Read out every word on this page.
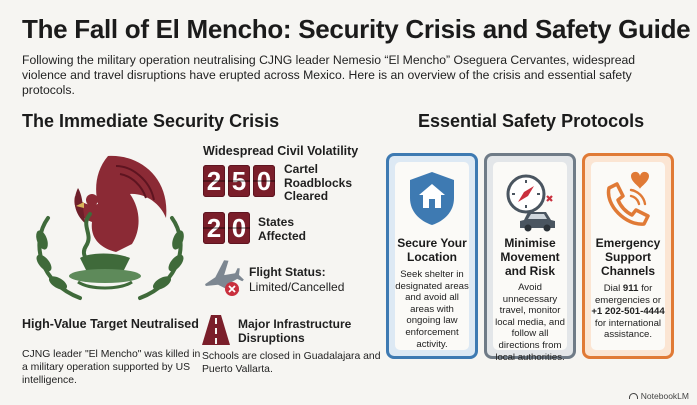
The Fall of El Mencho: Security Crisis and Safety Guide
Following the military operation neutralising CJNG leader Nemesio “El Mencho” Oseguera Cervantes, widespread violence and travel disruptions have erupted across Mexico. Here is an overview of the crisis and essential safety protocols.
The Immediate Security Crisis	Essential Safety Protocols
High-Value Target Neutralised
CJNG leader "El Mencho" was killed in a military operation supported by US intelligence.
Widespread Civil Volatility
2 5 0	Cartel Roadblocks Cleared
2 0 States Affected
Flight Status:
Limited/Cancelled
Major Infrastructure Disruptions
Schools are closed in Guadalajara and Puerto Vallarta.
Secure Your Location
Seek shelter in designated areas and avoid all areas with ongoing law enforcement activity.
Minimise Movement and Risk
Avoid unnecessary travel, monitor local media, and follow all directions from local authorities.
Emergency Support Channels
Dial 911 for emergencies or +1 202-501-4444 for international assistance.
NotebookLM
